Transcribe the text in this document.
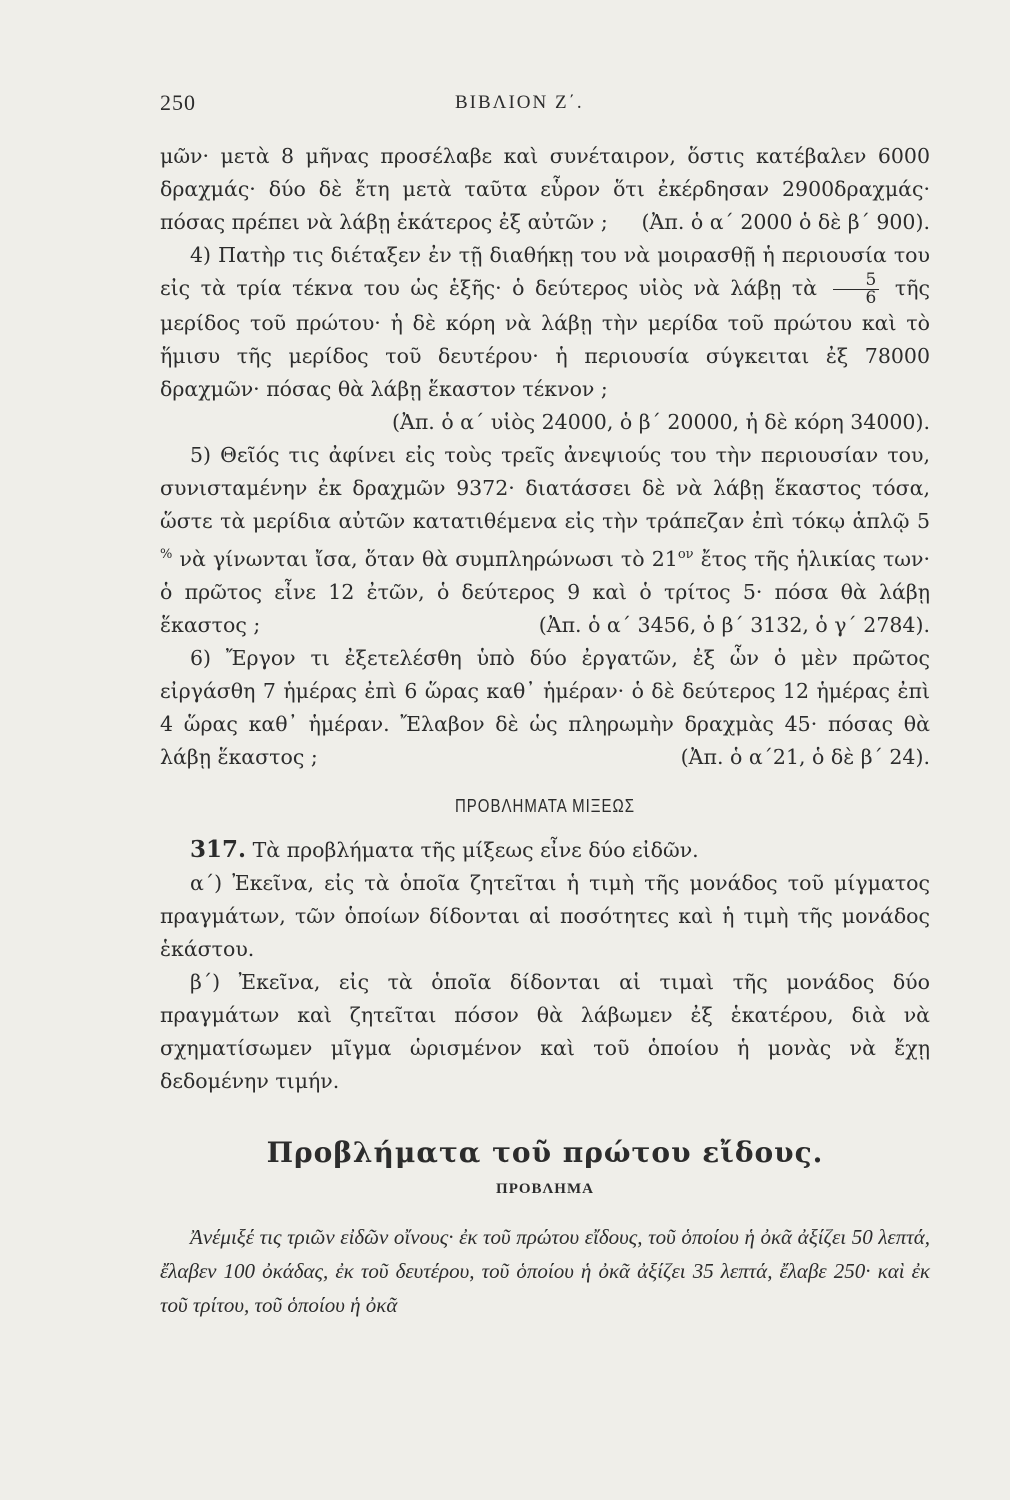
250	ΒΙΒΛΙΟΝ Ζ΄.

μῶν· μετὰ 8 μῆνας προσέλαβε καὶ συνέταιρον, ὅστις κατέβαλεν 6000 δραχμάς· δύο δὲ ἔτη μετὰ ταῦτα εὗρον ὅτι ἐκέρδησαν 2900δραχμάς· πόσας πρέπει νὰ λάβῃ ἑκάτερος ἐξ αὐτῶν ; (Ἀπ. ὁ α΄ 2000 ὁ δὲ β΄ 900).

4) Πατὴρ τις διέταξεν ἐν τῇ διαθήκῃ του νὰ μοιρασθῇ ἡ περιουσία του εἰς τὰ τρία τέκνα του ὡς ἑξῆς· ὁ δεύτερος υἱὸς νὰ λάβῃ τὰ $\frac{5}{6}$ τῆς μερίδος τοῦ πρώτου· ἡ δὲ κόρη νὰ λάβῃ τὴν μερίδα τοῦ πρώτου καὶ τὸ ἥμισυ τῆς μερίδος τοῦ δευτέρου· ἡ περιουσία σύγκειται ἐξ 78000 δραχμῶν· πόσας θὰ λάβῃ ἕκαστον τέκνον ;
(Ἀπ. ὁ α΄ υἱὸς 24000, ὁ β΄ 20000, ἡ δὲ κόρη 34000).

5) Θεῖός τις ἀφίνει εἰς τοὺς τρεῖς ἀνεψιούς του τὴν περιουσίαν του, συνισταμένην ἐκ δραχμῶν 9372· διατάσσει δὲ νὰ λάβῃ ἕκαστος τόσα, ὥστε τὰ μερίδια αὐτῶν κατατιθέμενα εἰς τὴν τράπεζαν ἐπὶ τόκῳ ἁπλῷ 5 % νὰ γίνωνται ἴσα, ὅταν θὰ συμπληρώνωσι τὸ $21^{o\nu}$ ἔτος τῆς ἡλικίας των· ὁ πρῶτος εἶνε 12 ἐτῶν, ὁ δεύτερος 9 καὶ ὁ τρίτος 5· πόσα θὰ λάβῃ ἕκαστος ;	(Ἀπ. ὁ α΄ 3456, ὁ β΄ 3132, ὁ γ΄ 2784).

6) Ἔργον τι ἐξετελέσθη ὑπὸ δύο ἐργατῶν, ἐξ ὧν ὁ μὲν πρῶτος εἰργάσθη 7 ἡμέρας ἐπὶ 6 ὥρας καθ᾽ ἡμέραν· ὁ δὲ δεύτερος 12 ἡμέρας ἐπὶ 4 ὥρας καθ᾽ ἡμέραν. Ἔλαβον δὲ ὡς πληρωμὴν δραχμὰς 45· πόσας θὰ λάβῃ ἕκαστος ;	(Ἀπ. ὁ α΄21, ὁ δὲ β΄ 24).

ΠΡΟΒΛΗΜΑΤΑ ΜΙΞΕΩΣ

317. Τὰ προβλήματα τῆς μίξεως εἶνε δύο εἰδῶν.

α΄) Ἐκεῖνα, εἰς τὰ ὁποῖα ζητεῖται ἡ τιμὴ τῆς μονάδος τοῦ μίγματος πραγμάτων, τῶν ὁποίων δίδονται αἱ ποσότητες καὶ ἡ τιμὴ τῆς μονάδος ἑκάστου.

β΄) Ἐκεῖνα, εἰς τὰ ὁποῖα δίδονται αἱ τιμαὶ τῆς μονάδος δύο πραγμάτων καὶ ζητεῖται πόσον θὰ λάβωμεν ἐξ ἑκατέρου, διὰ νὰ σχηματίσωμεν μῖγμα ὡρισμένον καὶ τοῦ ὁποίου ἡ μονὰς νὰ ἔχῃ δεδομένην τιμήν.

Προβλήματα τοῦ πρώτου εἴδους.
ΠΡΟΒΛΗΜΑ

Ἀνέμιξέ τις τριῶν εἰδῶν οἴνους· ἐκ τοῦ πρώτου εἴδους, τοῦ ὁποίου ἡ ὀκᾶ ἀξίζει 50 λεπτά, ἔλαβεν 100 ὀκάδας, ἐκ τοῦ δευτέρου, τοῦ ὁποίου ἡ ὀκᾶ ἀξίζει 35 λεπτά, ἔλαβε 250· καὶ ἐκ τοῦ τρίτου, τοῦ ὁποίου ἡ ὀκᾶ
